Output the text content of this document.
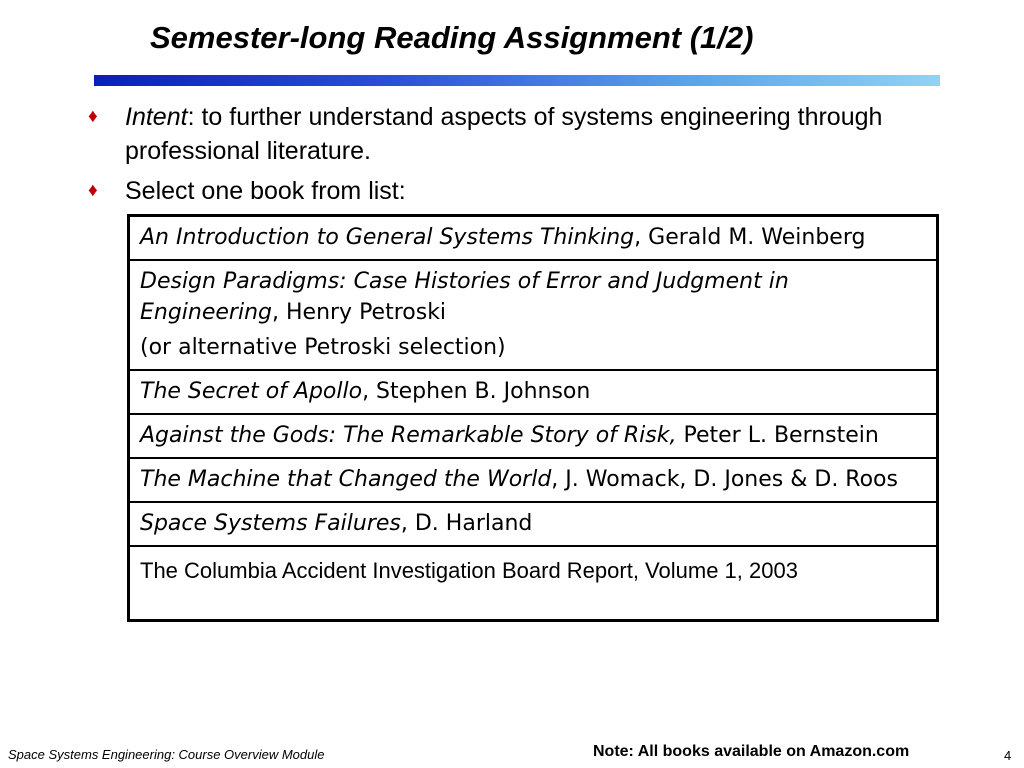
Semester-long Reading Assignment (1/2)
♦ Intent: to further understand aspects of systems engineering through professional literature.
♦ Select one book from list:
An Introduction to General Systems Thinking, Gerald M. Weinberg

Design Paradigms: Case Histories of Error and Judgment in Engineering, Henry Petroski
(or alternative Petroski selection)

The Secret of Apollo, Stephen B. Johnson
Against the Gods: The Remarkable Story of Risk, Peter L. Bernstein
The Machine that Changed the World, J. Womack, D. Jones & D. Roos
Space Systems Failures, D. Harland
The Columbia Accident Investigation Board Report, Volume 1, 2003
Space Systems Engineering: Course Overview Module	Note: All books available on Amazon.com	4
